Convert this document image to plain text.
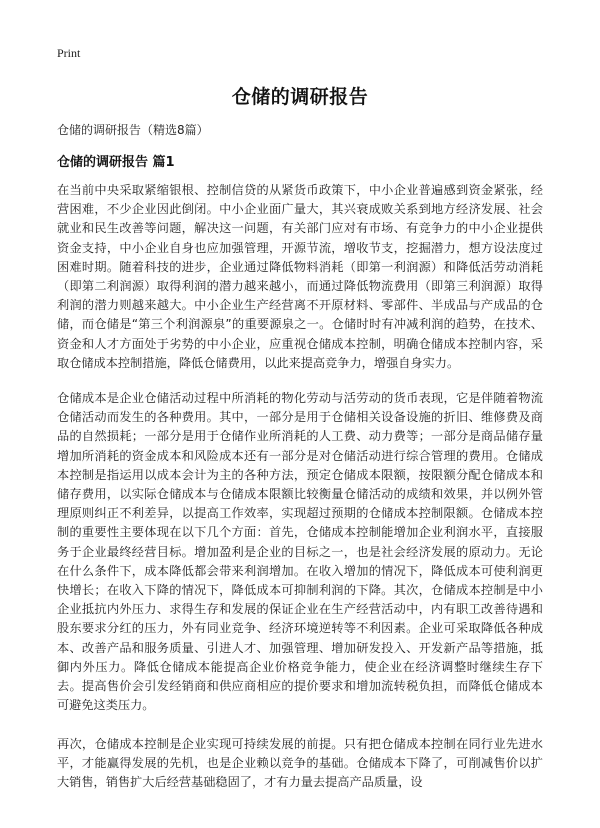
Print
仓储的调研报告

仓储的调研报告（精选8篇）

仓储的调研报告 篇1

在当前中央采取紧缩银根、控制信贷的从紧货币政策下，中小企业普遍感到资金紧张，经营困难，不少企业因此倒闭。中小企业面广量大，其兴衰成败关系到地方经济发展、社会就业和民生改善等问题，解决这一问题，有关部门应对有市场、有竞争力的中小企业提供资金支持，中小企业自身也应加强管理，开源节流，增收节支，挖掘潜力，想方设法度过困难时期。随着科技的进步，企业通过降低物料消耗（即第一利润源）和降低活劳动消耗（即第二利润源）取得利润的潜力越来越小，而通过降低物流费用（即第三利润源）取得利润的潜力则越来越大。中小企业生产经营离不开原材料、零部件、半成品与产成品的仓储，而仓储是“第三个利润源泉”的重要源泉之一。仓储时时有冲减利润的趋势，在技术、资金和人才方面处于劣势的中小企业，应重视仓储成本控制，明确仓储成本控制内容，采取仓储成本控制措施，降低仓储费用，以此来提高竞争力，增强自身实力。

仓储成本是企业仓储活动过程中所消耗的物化劳动与活劳动的货币表现，它是伴随着物流仓储活动而发生的各种费用。其中，一部分是用于仓储相关设备设施的折旧、维修费及商品的自然损耗；一部分是用于仓储作业所消耗的人工费、动力费等；一部分是商品储存量增加所消耗的资金成本和风险成本还有一部分是对仓储活动进行综合管理的费用。仓储成本控制是指运用以成本会计为主的各种方法，预定仓储成本限额，按限额分配仓储成本和储存费用，以实际仓储成本与仓储成本限额比较衡量仓储活动的成绩和效果，并以例外管理原则纠正不利差异，以提高工作效率，实现超过预期的仓储成本控制限额。仓储成本控制的重要性主要体现在以下几个方面：首先，仓储成本控制能增加企业利润水平，直接服务于企业最终经营目标。增加盈利是企业的目标之一，也是社会经济发展的原动力。无论在什么条件下，成本降低都会带来利润增加。在收入增加的情况下，降低成本可使利润更快增长；在收入下降的情况下，降低成本可抑制利润的下降。其次，仓储成本控制是中小企业抵抗内外压力、求得生存和发展的保证企业在生产经营活动中，内有职工改善待遇和股东要求分红的压力，外有同业竞争、经济环境逆转等不利因素。企业可采取降低各种成本、改善产品和服务质量、引进人才、加强管理、增加研发投入、开发新产品等措施，抵御内外压力。降低仓储成本能提高企业价格竞争能力，使企业在经济调整时继续生存下去。提高售价会引发经销商和供应商相应的提价要求和增加流转税负担，而降低仓储成本可避免这类压力。

再次，仓储成本控制是企业实现可持续发展的前提。只有把仓储成本控制在同行业先进水平，才能赢得发展的先机，也是企业赖以竞争的基础。仓储成本下降了，可削减售价以扩大销售，销售扩大后经营基础稳固了，才有力量去提高产品质量，设
